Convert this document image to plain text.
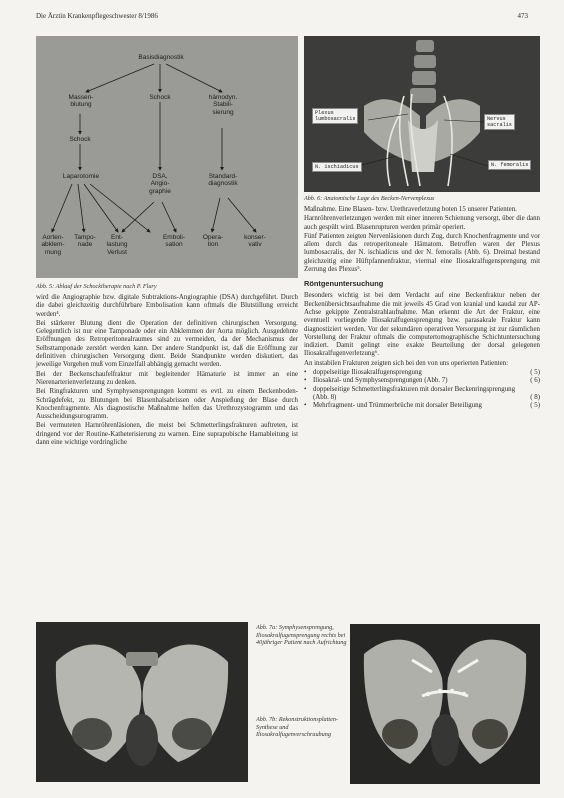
Die Ärztin Krankenpflegeschwester 8/1986	473
Basisdiagnostik
Massen-
blutung
Schock	hämodyn.
Stabili-
sierung
Schock
Laparotomie	DSA,
Angio-
graphie
Standard-
diagnostik
Aorten-
abklem-
mung
Tampo-
nade
Ent-
lastung
Verlust
Emboli-
sation
Opera-
tion
konser-
vativ
Abb. 5: Ablauf der Schocktherapie nach P. Flury

wird die Angiographie bzw. digitale Subtraktions-Angiographie (DSA) durchgeführt. Durch die dabei gleichzeitig durchführbare Embolisation kann oftmals die Blutstillung erreicht werden⁴.

Bei stärkerer Blutung dient die Operation der definitiven chirurgischen Versorgung. Gelegentlich ist nur eine Tamponade oder ein Abklemmen der Aorta möglich. Ausgedehnte Eröffnungen des Retroperitonealraumes sind zu vermeiden, da der Mechanismus der Selbsttamponade zerstört werden kann. Der andere Standpunkt ist, daß die Eröffnung zur definitiven chirurgischen Versorgung dient. Beide Standpunkte werden diskutiert, das jeweilige Vorgehen muß vom Einzelfall abhängig gemacht werden.

Bei der Beckenschaufelfraktur mit begleitender Hämaturie ist immer an eine Nierenarterienverletzung zu denken.

Bei Ringfrakturen und Symphysensprengungen kommt es evtl. zu einem Beckenboden-Schrägdefekt, zu Blutungen bei Blasenhalsabrissen oder Anspießung der Blase durch Knochenfragmente. Als diagnostische Maßnahme helfen das Urethrozystogramm und das Ausscheidungsurogramm.

Bei vermuteten Harnröhrenläsionen, die meist bei Schmetterlingsfrakturen auftreten, ist dringend vor der Routine-Katheterisierung zu warnen. Eine suprapubische Harnableitung ist dann eine wichtige vordringliche

Plexus
lumbosacralis	Nervus
sacralis
N. femoralis
N. ischiadicus
Abb. 6: Anatomische Lage des Becken-Nervenplexus

Maßnahme. Eine Blasen- bzw. Urethraverletzung boten 15 unserer Patienten.

Harnröhrenverletzungen werden mit einer inneren Schienung versorgt, über die dann auch gespült wird. Blasenrupturen werden primär operiert.

Fünf Patienten zeigten Nervenläsionen durch Zug, durch Knochenfragmente und vor allem durch das retroperitoneale Hämatom. Betroffen waren der Plexus lumbosacralis, der N. ischiadicus und der N. femoralis (Abb. 6). Dreimal bestand gleichzeitig eine Hüftpfannenfraktur, viermal eine Iliosakralfugensprengung mit Zerrung des Plexus⁵.

Röntgenuntersuchung

Besonders wichtig ist bei dem Verdacht auf eine Beckenfraktur neben der Beckenübersichtsaufnahme die mit jeweils 45 Grad von kranial und kaudal zur AP-Achse gekippte Zentralstrahlaufnahme. Man erkennt die Art der Fraktur, eine eventuell vorliegende Iliosakralfugensprengung bzw. parasakrale Fraktur kann diagnostiziert werden. Vor der sekundären operativen Versorgung ist zur räumlichen Vorstellung der Fraktur oftmals die computertomographische Schichtuntersuchung indiziert. Damit gelingt eine exakte Beurteilung der dorsal gelegenen Iliosakralfugenverletzung⁶.

An instabilen Frakturen zeigten sich bei den von uns operierten Patienten:

• doppelseitige Iliosakralfugensprengung	( 5)
• Iliosakral- und Symphysensprengungen (Abb. 7)	( 6)
• doppelseitige Schmetterlingsfrakturen mit dorsaler Beckenringsprengung (Abb. 8)	( 8)
• Mehrfragment- und Trümmerbrüche mit dorsaler Beteiligung	( 5)
Abb. 7a: Symphysensprengung, Iliosakralfugensprengung rechts bei 40jähriger Patient nach Aufrichtung
Abb. 7b: Rekonstruktionsplatten-Synthese und Iliosakralfugenverschraubung
